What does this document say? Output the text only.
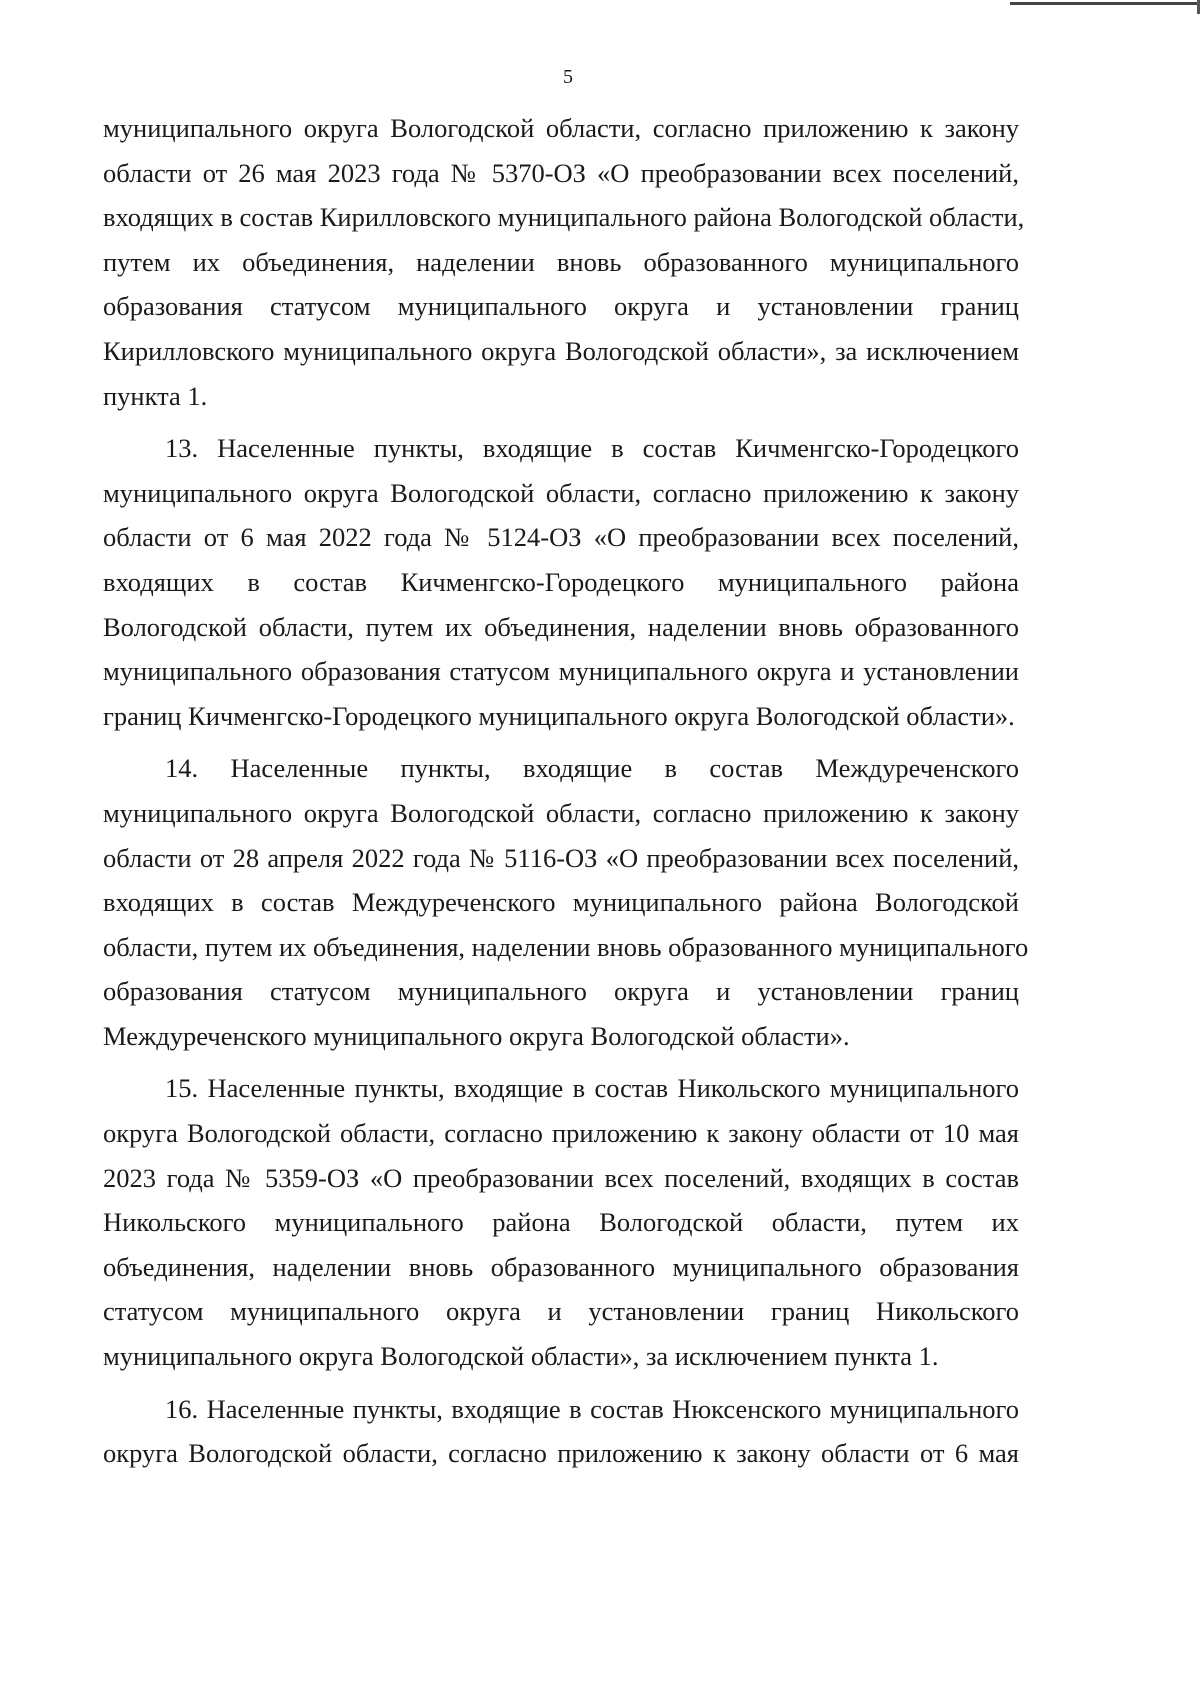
5
муниципального округа Вологодской области, согласно приложению к закону
области от 26 мая 2023 года № 5370-ОЗ «О преобразовании всех поселений,
входящих в состав Кирилловского муниципального района Вологодской области,
путем их объединения, наделении вновь образованного муниципального
образования статусом муниципального округа и установлении границ
Кирилловского муниципального округа Вологодской области», за исключением
пункта 1.
13. Населенные пункты, входящие в состав Кичменгско-Городецкого
муниципального округа Вологодской области, согласно приложению к закону
области от 6 мая 2022 года № 5124-ОЗ «О преобразовании всех поселений,
входящих в состав Кичменгско-Городецкого муниципального района
Вологодской области, путем их объединения, наделении вновь образованного
муниципального образования статусом муниципального округа и установлении
границ Кичменгско-Городецкого муниципального округа Вологодской области».
14. Населенные пункты, входящие в состав Междуреченского
муниципального округа Вологодской области, согласно приложению к закону
области от 28 апреля 2022 года № 5116-ОЗ «О преобразовании всех поселений,
входящих в состав Междуреченского муниципального района Вологодской
области, путем их объединения, наделении вновь образованного муниципального
образования статусом муниципального округа и установлении границ
Междуреченского муниципального округа Вологодской области».
15. Населенные пункты, входящие в состав Никольского муниципального
округа Вологодской области, согласно приложению к закону области от 10 мая
2023 года № 5359-ОЗ «О преобразовании всех поселений, входящих в состав
Никольского муниципального района Вологодской области, путем их
объединения, наделении вновь образованного муниципального образования
статусом муниципального округа и установлении границ Никольского
муниципального округа Вологодской области», за исключением пункта 1.
16. Населенные пункты, входящие в состав Нюксенского муниципального
округа Вологодской области, согласно приложению к закону области от 6 мая
